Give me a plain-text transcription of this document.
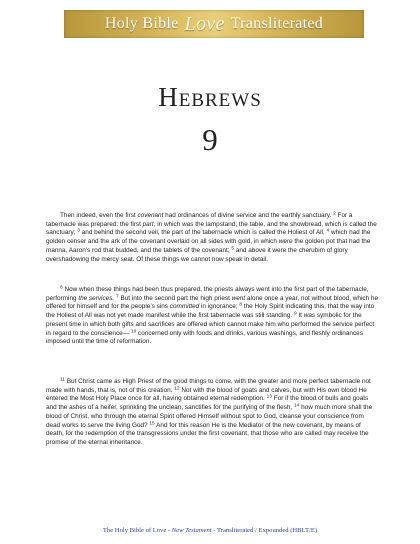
Holy Bible Love Transliterated
Hebrews
9

Then indeed, even the first covenant had ordinances of divine service and the earthly sanctuary. $^2$ For a tabernacle was prepared: the first part, in which was the lampstand, the table, and the showbread, which is called the sanctuary; $^3$ and behind the second veil, the part of the tabernacle which is called the Holiest of All, $^4$ which had the golden censer and the ark of the covenant overlaid on all sides with gold, in which were the golden pot that had the manna, Aaron’s rod that budded, and the tablets of the covenant; $^5$ and above it were the cherubim of glory overshadowing the mercy seat. Of these things we cannot now speak in detail.

$^6$ Now when these things had been thus prepared, the priests always went into the first part of the tabernacle, performing the services. $^7$ But into the second part the high priest went alone once a year, not without blood, which he offered for himself and for the people’s sins committed in ignorance; $^8$ the Holy Spirit indicating this, that the way into the Holiest of All was not yet made manifest while the first tabernacle was still standing. $^9$ It was symbolic for the present time in which both gifts and sacrifices are offered which cannot make him who performed the service perfect in regard to the conscience— $^{10}$ concerned only with foods and drinks, various washings, and fleshly ordinances imposed until the time of reformation.

$^{11}$ But Christ came as High Priest of the good things to come, with the greater and more perfect tabernacle not made with hands, that is, not of this creation. $^{12}$ Not with the blood of goats and calves, but with His own blood He entered the Most Holy Place once for all, having obtained eternal redemption. $^{13}$ For if the blood of bulls and goats and the ashes of a heifer, sprinkling the unclean, sanctifies for the purifying of the flesh, $^{14}$ how much more shall the blood of Christ, who through the eternal Spirit offered Himself without spot to God, cleanse your conscience from dead works to serve the living God? $^{15}$ And for this reason He is the Mediator of the new covenant, by means of death, for the redemption of the transgressions under the first covenant, that those who are called may receive the promise of the eternal inheritance.

The Holy Bible of Love - New Testament - Transliterated / Expounded (HBLT/E)
